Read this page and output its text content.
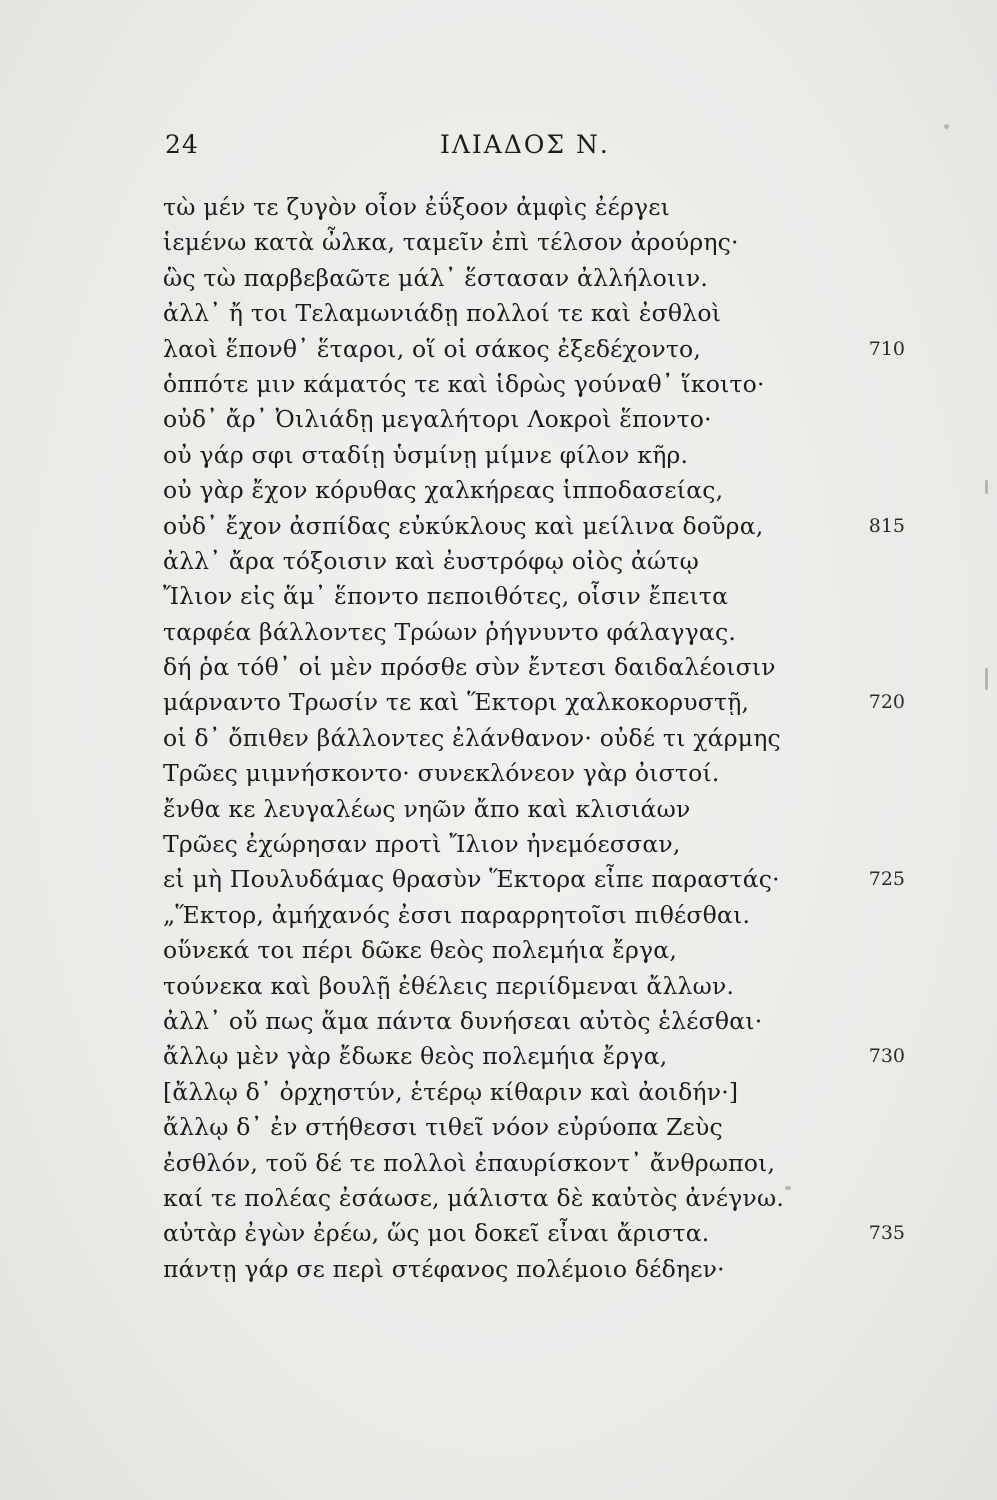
24	ΙΛΙΑΔΟΣ Ν.
τὼ μέν τε ζυγὸν οἶον ἐΰξοον ἀμφὶς ἐέργει
ἱεμένω κατὰ ὦλκα, ταμεῖν ἐπὶ τέλσον ἀρούρης·
ὣς τὼ παρβεβαῶτε μάλ᾽ ἕστασαν ἀλλήλοιιν.
ἀλλ᾽ ἤ τοι Τελαμωνιάδῃ πολλοί τε καὶ ἐσθλοὶ
λαοὶ ἕπονθ᾽ ἕταροι, οἵ οἱ σάκος ἐξεδέχοντο,	710
ὁππότε μιν κάματός τε καὶ ἱδρὼς γούναθ᾽ ἵκοιτο·
οὐδ᾽ ἄρ᾽ Ὀιλιάδῃ μεγαλήτορι Λοκροὶ ἕποντο·
οὐ γάρ σφι σταδίῃ ὑσμίνῃ μίμνε φίλον κῆρ.
οὐ γὰρ ἔχον κόρυθας χαλκήρεας ἱπποδασείας,
οὐδ᾽ ἔχον ἀσπίδας εὐκύκλους καὶ μείλινα δοῦρα,	815
ἀλλ᾽ ἄρα τόξοισιν καὶ ἐυστρόφῳ οἰὸς ἀώτῳ
Ἴλιον εἰς ἅμ᾽ ἕποντο πεποιθότες, οἷσιν ἔπειτα
ταρφέα βάλλοντες Τρώων ῥήγνυντο φάλαγγας.
δή ῥα τόθ᾽ οἱ μὲν πρόσθε σὺν ἔντεσι δαιδαλέοισιν
μάρναντο Τρωσίν τε καὶ Ἕκτορι χαλκοκορυστῇ,	720
οἱ δ᾽ ὄπιθεν βάλλοντες ἐλάνθανον· οὐδέ τι χάρμης
Τρῶες μιμνήσκοντο· συνεκλόνεον γὰρ ὀιστοί.
ἔνθα κε λευγαλέως νηῶν ἄπο καὶ κλισιάων
Τρῶες ἐχώρησαν προτὶ Ἴλιον ἠνεμόεσσαν,
εἰ μὴ Πουλυδάμας θρασὺν Ἕκτορα εἶπε παραστάς·	725
„Ἕκτορ, ἀμήχανός ἐσσι παραρρητοῖσι πιθέσθαι.
οὕνεκά τοι πέρι δῶκε θεὸς πολεμήια ἔργα,
τούνεκα καὶ βουλῇ ἐθέλεις περιίδμεναι ἄλλων.
ἀλλ᾽ οὔ πως ἅμα πάντα δυνήσεαι αὐτὸς ἑλέσθαι·
ἄλλῳ μὲν γὰρ ἔδωκε θεὸς πολεμήια ἔργα,	730
[ἄλλῳ δ᾽ ὀρχηστύν, ἑτέρῳ κίθαριν καὶ ἀοιδήν·]
ἄλλῳ δ᾽ ἐν στήθεσσι τιθεῖ νόον εὐρύοπα Ζεὺς
ἐσθλόν, τοῦ δέ τε πολλοὶ ἐπαυρίσκοντ᾽ ἄνθρωποι,
καί τε πολέας ἐσάωσε, μάλιστα δὲ καὐτὸς ἀνέγνω.
αὐτὰρ ἐγὼν ἐρέω, ὥς μοι δοκεῖ εἶναι ἄριστα.	735
πάντῃ γάρ σε περὶ στέφανος πολέμοιο δέδηεν·
